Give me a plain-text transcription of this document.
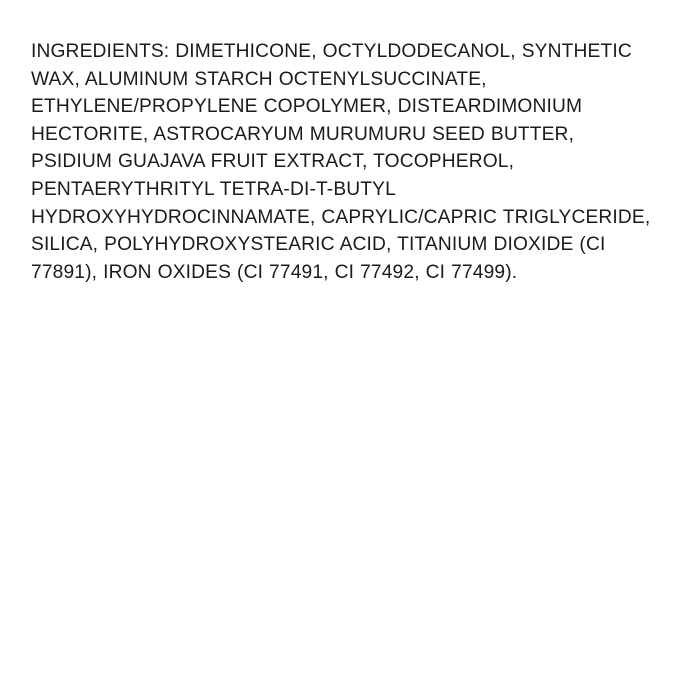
INGREDIENTS: DIMETHICONE, OCTYLDODECANOL, SYNTHETIC WAX, ALUMINUM STARCH OCTENYLSUCCINATE, ETHYLENE/PROPYLENE COPOLYMER, DISTEARDIMONIUM HECTORITE, ASTROCARYUM MURUMURU SEED BUTTER, PSIDIUM GUAJAVA FRUIT EXTRACT, TOCOPHEROL, PENTAERYTHRITYL TETRA-DI-T-BUTYL HYDROXYHYDROCINNAMATE, CAPRYLIC/CAPRIC TRIGLYCERIDE, SILICA, POLYHYDROXYSTEARIC ACID, TITANIUM DIOXIDE (CI 77891), IRON OXIDES (CI 77491, CI 77492, CI 77499).
